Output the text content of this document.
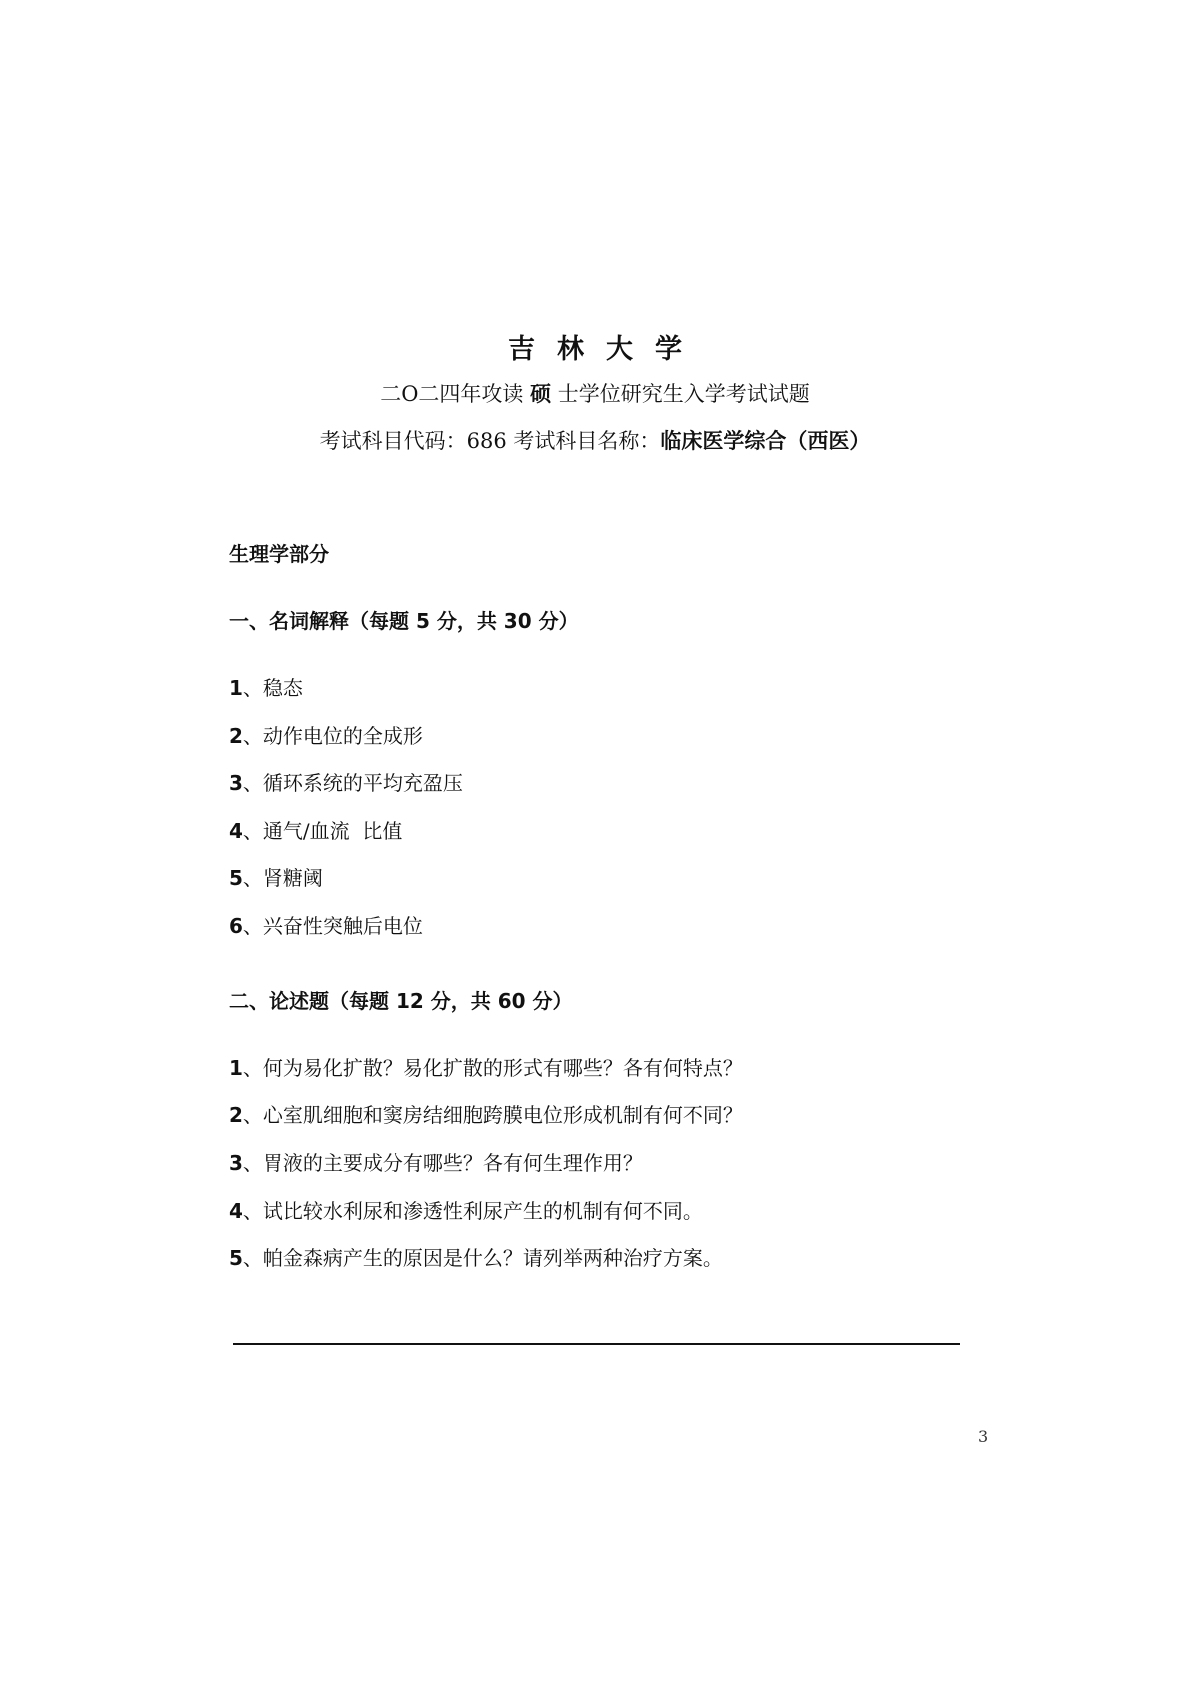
吉林大学
二O二四年攻读 硕 士学位研究生入学考试试题
考试科目代码：686 考试科目名称：临床医学综合（西医）
生理学部分
一、名词解释（每题 5 分，共 30 分）
1、稳态
2、动作电位的全成形
3、循环系统的平均充盈压
4、通气/血流  比值
5、肾糖阈
6、兴奋性突触后电位
二、论述题（每题 12 分，共 60 分）
1、何为易化扩散？易化扩散的形式有哪些？各有何特点？
2、心室肌细胞和窦房结细胞跨膜电位形成机制有何不同？
3、胃液的主要成分有哪些？各有何生理作用？
4、试比较水利尿和渗透性利尿产生的机制有何不同。
5、帕金森病产生的原因是什么？请列举两种治疗方案。
3
